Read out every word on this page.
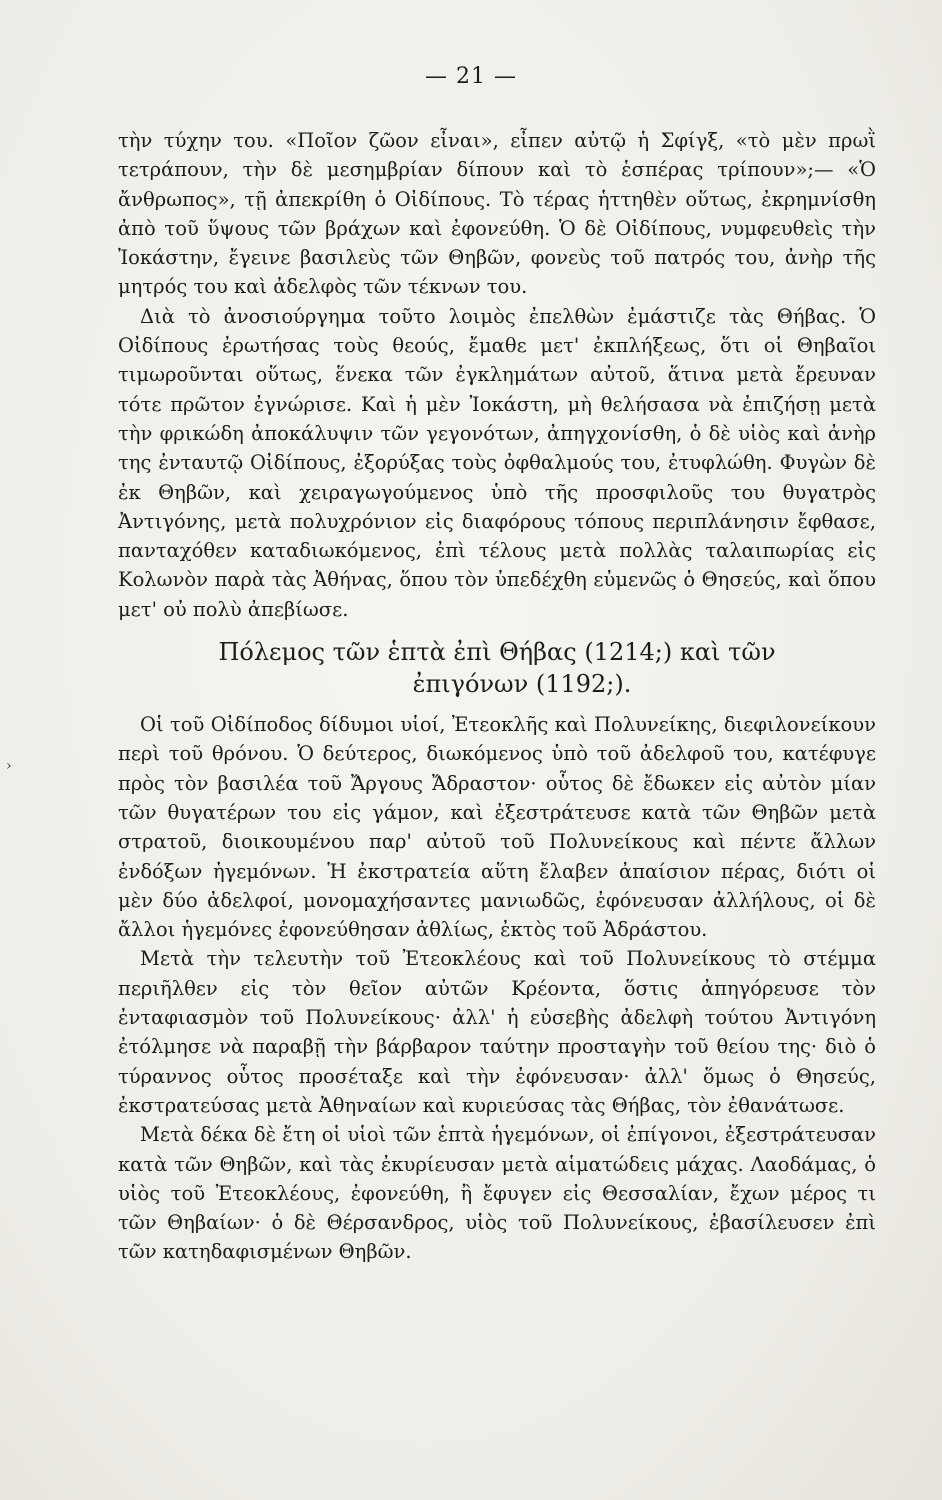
— 21 —
›

τὴν τύχην του. «Ποῖον ζῶον εἶναι», εἶπεν αὐτῷ ἡ Σφίγξ, «τὸ μὲν πρωῒ τετράπουν, τὴν δὲ μεσημβρίαν δίπουν καὶ τὸ ἑσπέρας τρίπουν»;— «Ὁ ἄνθρωπος», τῇ ἀπεκρίθη ὁ Οἰδίπους. Τὸ τέρας ἡττηθὲν οὕτως, ἐκρημνίσθη ἀπὸ τοῦ ὕψους τῶν βράχων καὶ ἐφονεύθη. Ὁ δὲ Οἰδίπους, νυμφευθεὶς τὴν Ἰοκάστην, ἔγεινε βασιλεὺς τῶν Θηβῶν, φονεὺς τοῦ πατρός του, ἀνὴρ τῆς μητρός του καὶ ἀδελφὸς τῶν τέκνων του.

Διὰ τὸ ἀνοσιούργημα τοῦτο λοιμὸς ἐπελθὼν ἐμάστιζε τὰς Θήβας. Ὁ Οἰδίπους ἐρωτήσας τοὺς θεούς, ἔμαθε μετ' ἐκπλήξεως, ὅτι οἱ Θηβαῖοι τιμωροῦνται οὕτως, ἕνεκα τῶν ἐγκλημάτων αὐτοῦ, ἅτινα μετὰ ἔρευναν τότε πρῶτον ἐγνώρισε. Καὶ ἡ μὲν Ἰοκάστη, μὴ θελήσασα νὰ ἐπιζήσῃ μετὰ τὴν φρικώδη ἀποκάλυψιν τῶν γεγονότων, ἀπηγχονίσθη, ὁ δὲ υἱὸς καὶ ἀνὴρ της ἐνταυτῷ Οἰδίπους, ἐξορύξας τοὺς ὀφθαλμούς του, ἐτυφλώθη. Φυγὼν δὲ ἐκ Θηβῶν, καὶ χειραγωγούμενος ὑπὸ τῆς προσφιλοῦς του θυγατρὸς Ἀντιγόνης, μετὰ πολυχρόνιον εἰς διαφόρους τόπους περιπλάνησιν ἔφθασε, πανταχόθεν καταδιωκόμενος, ἐπὶ τέλους μετὰ πολλὰς ταλαιπωρίας εἰς Κολωνὸν παρὰ τὰς Ἀθήνας, ὅπου τὸν ὑπεδέχθη εὐμενῶς ὁ Θησεύς, καὶ ὅπου μετ' οὐ πολὺ ἀπεβίωσε.

Πόλεμος τῶν ἑπτὰ ἐπὶ Θήβας (1214;) καὶ τῶν
ἐπιγόνων (1192;).

Οἱ τοῦ Οἰδίποδος δίδυμοι υἱοί, Ἐτεοκλῆς καὶ Πολυνείκης, διεφιλονείκουν περὶ τοῦ θρόνου. Ὁ δεύτερος, διωκόμενος ὑπὸ τοῦ ἀδελφοῦ του, κατέφυγε πρὸς τὸν βασιλέα τοῦ Ἄργους Ἄδραστον· οὗτος δὲ ἔδωκεν εἰς αὐτὸν μίαν τῶν θυγατέρων του εἰς γάμον, καὶ ἐξεστράτευσε κατὰ τῶν Θηβῶν μετὰ στρατοῦ, διοικουμένου παρ' αὐτοῦ τοῦ Πολυνείκους καὶ πέντε ἄλλων ἐνδόξων ἡγεμόνων. Ἡ ἐκστρατεία αὕτη ἔλαβεν ἀπαίσιον πέρας, διότι οἱ μὲν δύο ἀδελφοί, μονομαχήσαντες μανιωδῶς, ἐφόνευσαν ἀλλήλους, οἱ δὲ ἄλλοι ἡγεμόνες ἐφονεύθησαν ἀθλίως, ἐκτὸς τοῦ Ἀδράστου.

Μετὰ τὴν τελευτὴν τοῦ Ἐτεοκλέους καὶ τοῦ Πολυνείκους τὸ στέμμα περιῆλθεν εἰς τὸν θεῖον αὐτῶν Κρέοντα, ὅστις ἀπηγόρευσε τὸν ἐνταφιασμὸν τοῦ Πολυνείκους· ἀλλ' ἡ εὐσεβὴς ἀδελφὴ τούτου Ἀντιγόνη ἐτόλμησε νὰ παραβῇ τὴν βάρβαρον ταύτην προσταγὴν τοῦ θείου της· διὸ ὁ τύραννος οὗτος προσέταξε καὶ τὴν ἐφόνευσαν· ἀλλ' ὅμως ὁ Θησεύς, ἐκστρατεύσας μετὰ Ἀθηναίων καὶ κυριεύσας τὰς Θήβας, τὸν ἐθανάτωσε.

Μετὰ δέκα δὲ ἔτη οἱ υἱοὶ τῶν ἑπτὰ ἡγεμόνων, οἱ ἐπίγονοι, ἐξεστράτευσαν κατὰ τῶν Θηβῶν, καὶ τὰς ἐκυρίευσαν μετὰ αἱματώδεις μάχας. Λαοδάμας, ὁ υἱὸς τοῦ Ἐτεοκλέους, ἐφονεύθη, ἢ ἔφυγεν εἰς Θεσσαλίαν, ἔχων μέρος τι τῶν Θηβαίων· ὁ δὲ Θέρσανδρος, υἱὸς τοῦ Πολυνείκους, ἐβασίλευσεν ἐπὶ τῶν κατηδαφισμένων Θηβῶν.
